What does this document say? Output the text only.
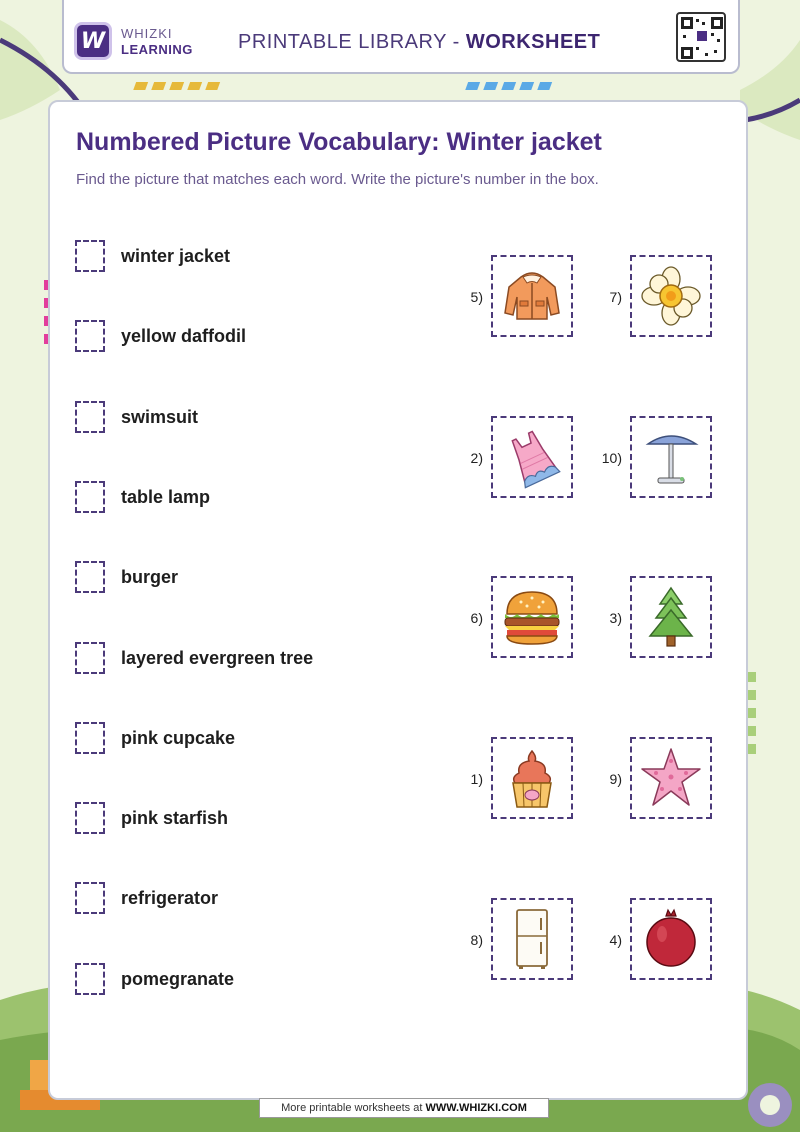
W	WHIZKI
LEARNING PRINTABLE LIBRARY - WORKSHEET
Numbered Picture Vocabulary: Winter jacket
Find the picture that matches each word. Write the picture's number in the box.
winter jacket
yellow daffodil
swimsuit
table lamp
burger
layered evergreen tree
pink cupcake
pink starfish
refrigerator
pomegranate
5)	7)
2)	10)
6)	3)
1)	9)
8)	4)
More printable worksheets at WWW.WHIZKI.COM
